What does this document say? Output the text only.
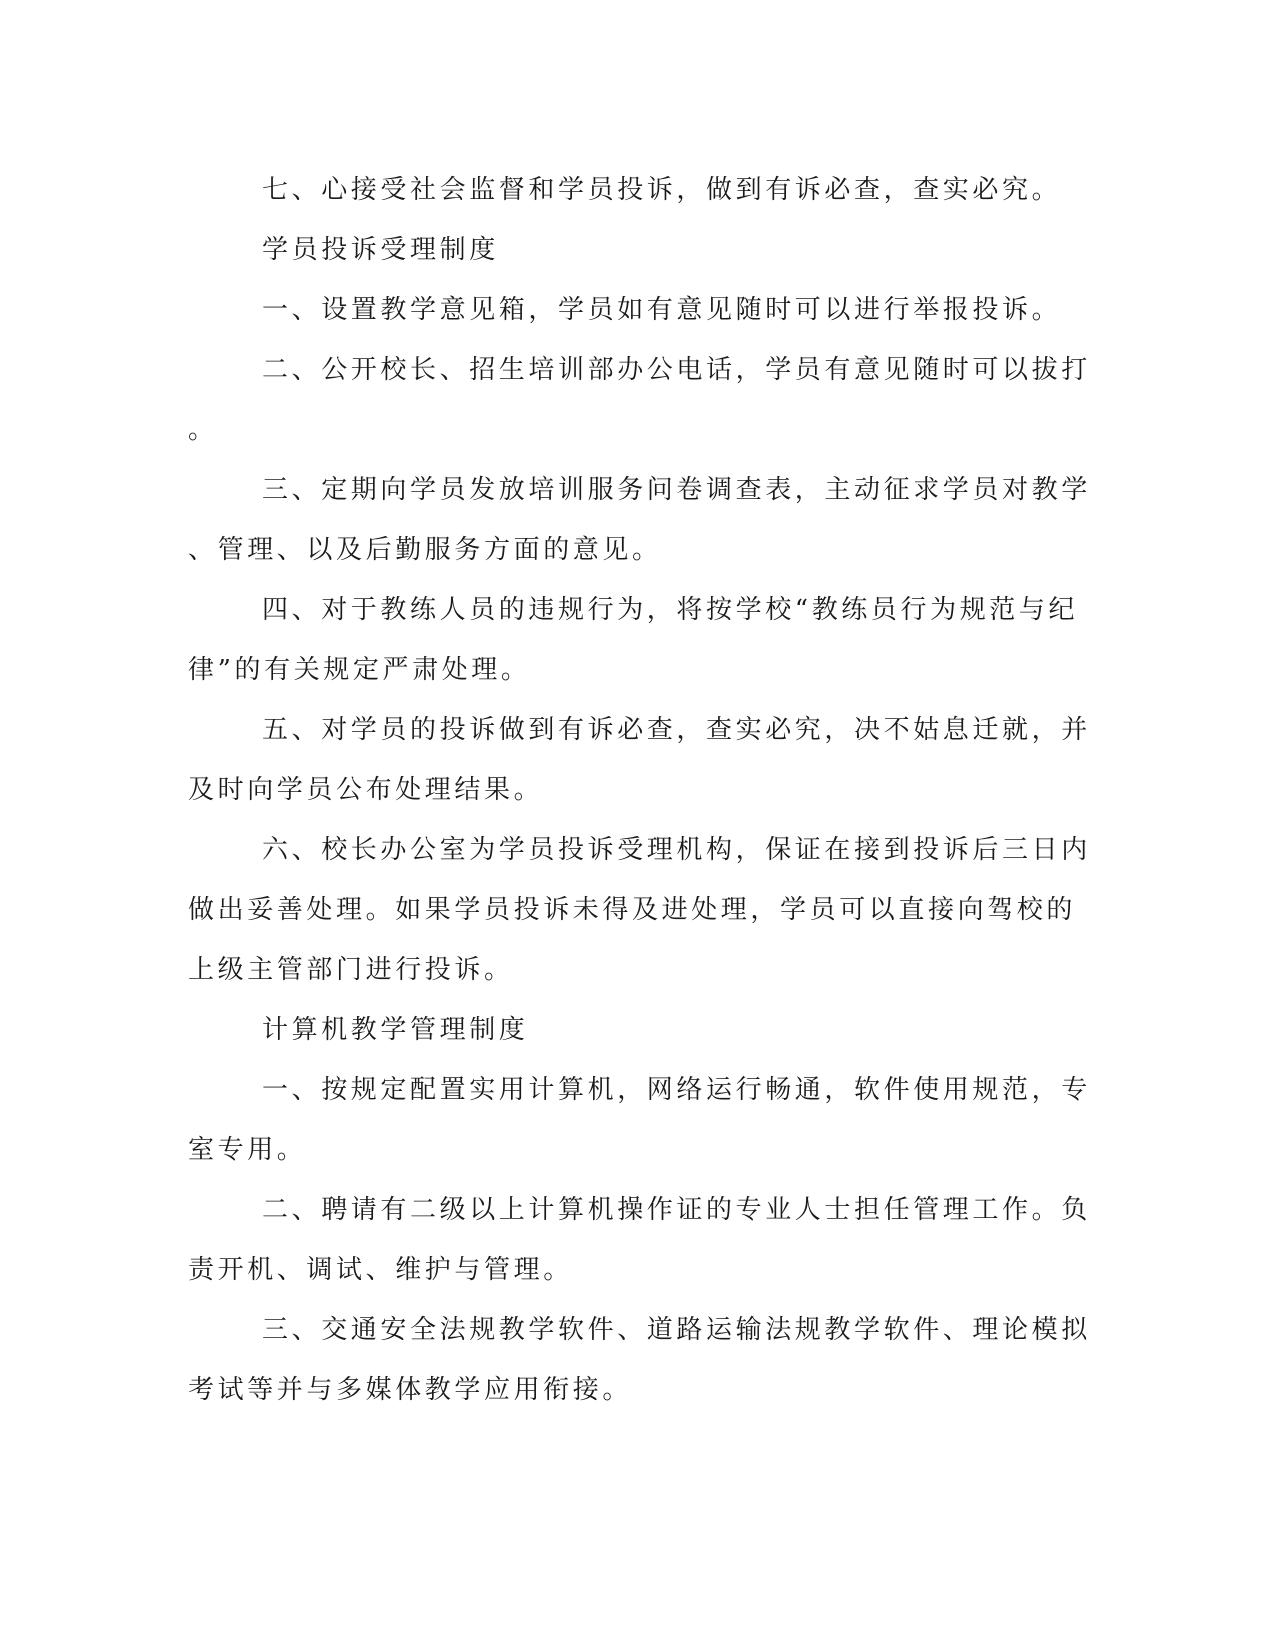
七、心接受社会监督和学员投诉，做到有诉必查，查实必究。
学员投诉受理制度
一、设置教学意见箱，学员如有意见随时可以进行举报投诉。
二、公开校长、招生培训部办公电话，学员有意见随时可以拔打
。
三、定期向学员发放培训服务问卷调查表，主动征求学员对教学
、管理、以及后勤服务方面的意见。
四、对于教练人员的违规行为，将按学校“教练员行为规范与纪
律”的有关规定严肃处理。
五、对学员的投诉做到有诉必查，查实必究，决不姑息迁就，并
及时向学员公布处理结果。
六、校长办公室为学员投诉受理机构，保证在接到投诉后三日内
做出妥善处理。如果学员投诉未得及进处理，学员可以直接向驾校的
上级主管部门进行投诉。
计算机教学管理制度
一、按规定配置实用计算机，网络运行畅通，软件使用规范，专
室专用。
二、聘请有二级以上计算机操作证的专业人士担任管理工作。负
责开机、调试、维护与管理。
三、交通安全法规教学软件、道路运输法规教学软件、理论模拟
考试等并与多媒体教学应用衔接。
